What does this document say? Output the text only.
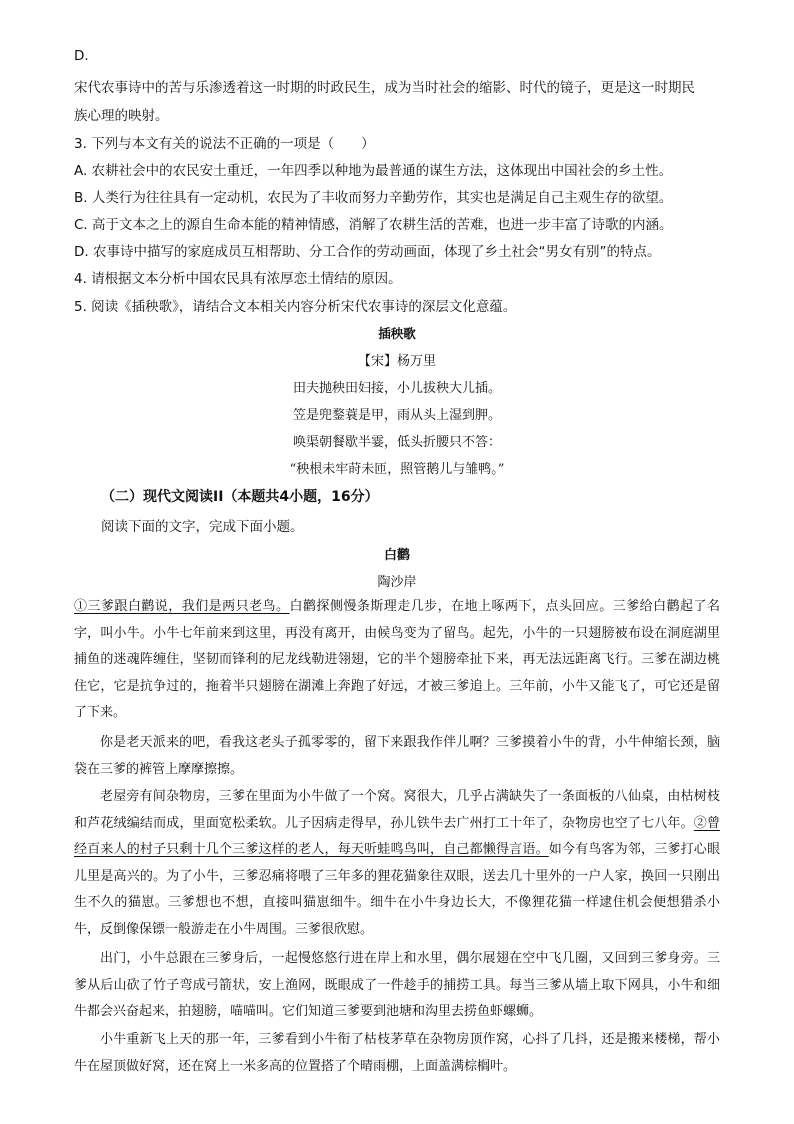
D.
宋代农事诗中的苦与乐渗透着这一时期的时政民生，成为当时社会的缩影、时代的镜子，更是这一时期民
族心理的映射。
3. 下列与本文有关的说法不正确的一项是（　　）
A. 农耕社会中的农民安土重迁，一年四季以种地为最普通的谋生方法，这体现出中国社会的乡土性。
B. 人类行为往往具有一定动机，农民为了丰收而努力辛勤劳作，其实也是满足自己主观生存的欲望。
C. 高于文本之上的源自生命本能的精神情感，消解了农耕生活的苦难，也进一步丰富了诗歌的内涵。
D. 农事诗中描写的家庭成员互相帮助、分工合作的劳动画面，体现了乡土社会“男女有别”的特点。
4. 请根据文本分析中国农民具有浓厚恋土情结的原因。
5. 阅读《插秧歌》，请结合文本相关内容分析宋代农事诗的深层文化意蕴。
插秧歌
【宋】杨万里
田夫抛秧田妇接，小儿拔秧大儿插。
笠是兜鍪蓑是甲，雨从头上湿到胛。
唤渠朝餐歇半霎，低头折腰只不答：
“秧根未牢莳未匝，照管鹅儿与雏鸭。”
（二）现代文阅读II（本题共4小题，16分）
阅读下面的文字，完成下面小题。
白鹳
陶沙岸

①三爹跟白鹳说，我们是两只老鸟。白鹳探侧慢条斯理走几步，在地上啄两下，点头回应。三爹给白鹳起了名字，叫小牛。小牛七年前来到这里，再没有离开，由候鸟变为了留鸟。起先，小牛的一只翅膀被布设在洞庭湖里捕鱼的迷魂阵缠住，坚韧而锋利的尼龙线勒进翎翅，它的半个翅膀牵扯下来，再无法远距离飞行。三爹在湖边桃住它，它是抗争过的，拖着半只翅膀在湖滩上奔跑了好远，才被三爹追上。三年前，小牛又能飞了，可它还是留了下来。

你是老天派来的吧，看我这老头子孤零零的，留下来跟我作伴儿啊？三爹摸着小牛的背，小牛伸缩长颈，脑袋在三爹的裤管上摩摩擦擦。

老屋旁有间杂物房，三爹在里面为小牛做了一个窝。窝很大，几乎占满缺失了一条面板的八仙桌，由枯树枝和芦花绒编结而成，里面宽松柔软。儿子因病走得早，孙儿铁牛去广州打工十年了，杂物房也空了七八年。②曾经百来人的村子只剩十几个三爹这样的老人，每天听蛙鸣鸟叫，自己都懒得言语。如今有鸟客为邻，三爹打心眼儿里是高兴的。为了小牛，三爹忍痛将喂了三年多的狸花猫象往双眼，送去几十里外的一户人家，换回一只刚出生不久的猫崽。三爹想也不想，直接叫猫崽细牛。细牛在小牛身边长大，不像狸花猫一样逮住机会便想猎杀小牛，反倒像保镖一般游走在小牛周围。三爹很欣慰。

出门，小牛总跟在三爹身后，一起慢悠悠行进在岸上和水里，偶尔展翅在空中飞几圈，又回到三爹身旁。三爹从后山砍了竹子弯成弓箭状，安上渔网，既眼成了一件趁手的捕捞工具。每当三爹从墙上取下网具，小牛和细牛都会兴奋起来，拍翅膀，喵喵叫。它们知道三爹要到池塘和沟里去捞鱼虾螺蛳。

小牛重新飞上天的那一年，三爹看到小牛衔了枯枝茅草在杂物房顶作窝，心抖了几抖，还是搬来楼梯，帮小牛在屋顶做好窝，还在窝上一米多高的位置搭了个晴雨棚，上面盖满棕榈叶。
